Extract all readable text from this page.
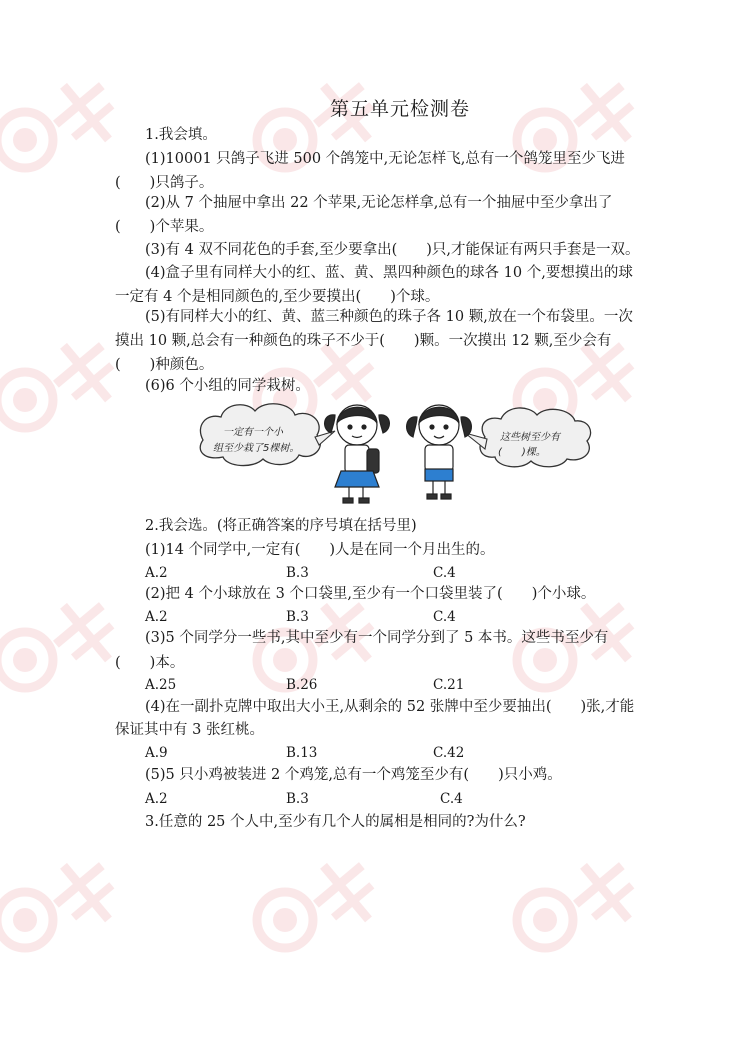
第五单元检测卷
1.我会填。
(1)10001 只鸽子飞进 500 个鸽笼中,无论怎样飞,总有一个鸽笼里至少飞进
(　　)只鸽子。
(2)从 7 个抽屉中拿出 22 个苹果,无论怎样拿,总有一个抽屉中至少拿出了
(　　)个苹果。
(3)有 4 双不同花色的手套,至少要拿出(　　)只,才能保证有两只手套是一双。
(4)盒子里有同样大小的红、蓝、黄、黑四种颜色的球各 10 个,要想摸出的球
一定有 4 个是相同颜色的,至少要摸出(　　)个球。
(5)有同样大小的红、黄、蓝三种颜色的珠子各 10 颗,放在一个布袋里。一次
摸出 10 颗,总会有一种颜色的珠子不少于(　　)颗。一次摸出 12 颗,至少会有
(　　)种颜色。
(6)6 个小组的同学栽树。
一定有一个小
组至少栽了5棵树。
这些树至少有
(　　)棵。
2.我会选。(将正确答案的序号填在括号里)
(1)14 个同学中,一定有(　　)人是在同一个月出生的。
A.2	B.3	C.4
(2)把 4 个小球放在 3 个口袋里,至少有一个口袋里装了(　　)个小球。
A.2	B.3	C.4
(3)5 个同学分一些书,其中至少有一个同学分到了 5 本书。这些书至少有
(　　)本。
A.25	B.26	C.21
(4)在一副扑克牌中取出大小王,从剩余的 52 张牌中至少要抽出(　　)张,才能
保证其中有 3 张红桃。
A.9	B.13	C.42
(5)5 只小鸡被装进 2 个鸡笼,总有一个鸡笼至少有(　　)只小鸡。
A.2	B.3	C.4
3.任意的 25 个人中,至少有几个人的属相是相同的?为什么?
